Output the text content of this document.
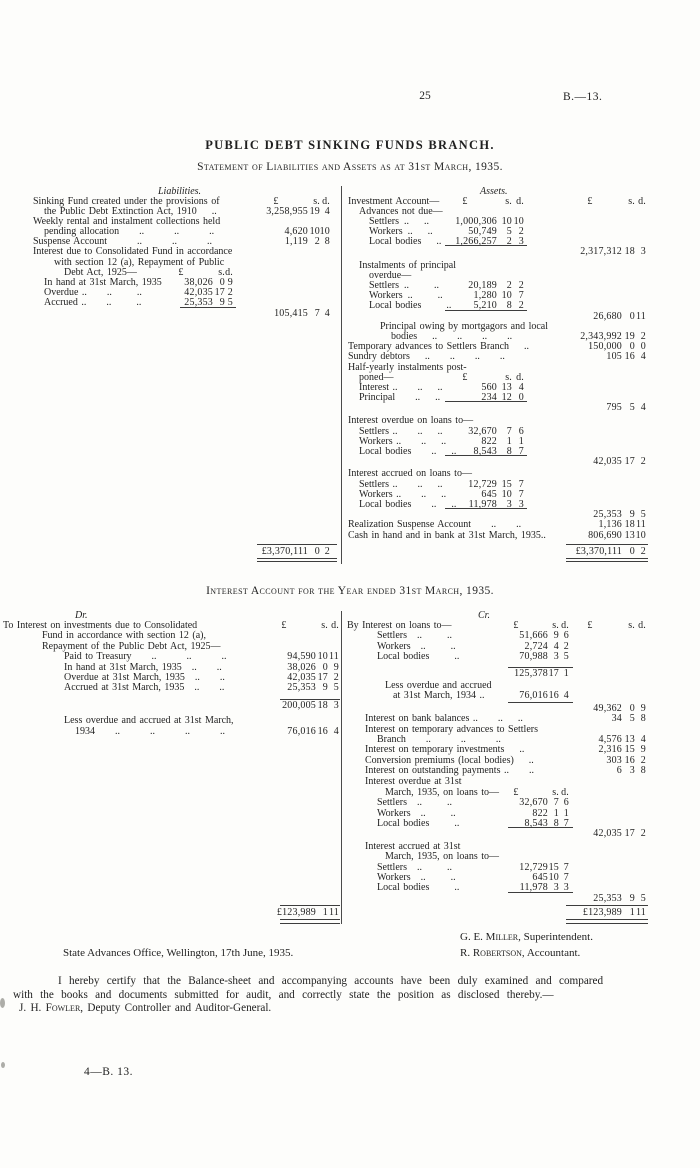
25	B.—13.
PUBLIC DEBT SINKING FUNDS BRANCH.
Statement of Liabilities and Assets as at 31st March, 1935.
Liabilities.
Sinking Fund created under the provisions of	£	s. d.
the Public Debt Extinction Act, 1910  ..	3,258,955 19 4
Weekly rental and instalment collections held
pending allocation  ..   ..   ..	4,620 10 10
Suspense Account   ..   ..   ..	1,119 2 8
Interest due to Consolidated Fund in accordance
with section 12 (a), Repayment of Public
Debt Act, 1925—	£	s. d.
In hand at 31st March, 1935	38,026 0 9
Overdue ..  ..   ..	42,035 17 2
Accrued ..  ..   ..	25,353 9 5
105,415 7 4
£3,370,111 0 2
Assets.
Investment Account—	£	s. d.	£	s. d.
Advances not due—
Settlers ..  ..	1,000,306 10 10
Workers ..  ..	50,749 5 2
Local bodies  ..	1,266,257 2 3
2,317,312 18 3
Instalments of principal
overdue—
Settlers ..   ..	20,189 2 2
Workers ..   ..	1,280 10 7
Local bodies   ..	5,210 8 2
26,680 0 11
Principal owing by mortgagors and local
bodies  ..  ..  ..  ..	2,343,992 19 2
Temporary advances to Settlers Branch  ..	150,000 0 0
Sundry debtors  ..  ..  ..  ..	105 16 4
Half-yearly instalments post-
poned—	£	s. d.
Interest ..  ..  ..	560 13 4
Principal  ..  ..	234 12 0
795 5 4
Interest overdue on loans to—
Settlers ..  ..  ..	32,670 7 6
Workers ..  ..  ..	822 1 1
Local bodies  ..  ..	8,543 8 7
42,035 17 2
Interest accrued on loans to—
Settlers ..  ..  ..	12,729 15 7
Workers ..  ..  ..	645 10 7
Local bodies  ..  ..	11,978 3 3
25,353 9 5
Realization Suspense Account  ..  ..	1,136 18 11
Cash in hand and in bank at 31st March, 1935..	806,690 13 10
£3,370,111 0 2
Interest Account for the Year ended 31st March, 1935.
Dr.
To Interest on investments due to Consolidated	£	s. d.
Fund in accordance with section 12 (a),
Repayment of the Public Debt Act, 1925—
Paid to Treasury  ..   ..   ..	94,590 10 11
In hand at 31st March, 1935 ..  ..	38,026 0 9
Overdue at 31st March, 1935 ..  ..	42,035 17 2
Accrued at 31st March, 1935 ..  ..	25,353 9 5
200,005 18 3
Less overdue and accrued at 31st March,
1934  ..   ..   ..   ..	76,016 16 4
£123,989 1 11
Cr.
By Interest on loans to—	£	s. d.	£	s. d.
Settlers ..   ..	51,666 9 6
Workers ..   ..	2,724 4 2
Local bodies   ..	70,988 3 5
125,378 17 1
Less overdue and accrued
at 31st March, 1934 ..	76,016 16 4
49,362 0 9
Interest on bank balances ..  ..  ..	34 5 8
Interest on temporary advances to Settlers
Branch  ..   ..   ..	4,576 13 4
Interest on temporary investments  ..	2,316 15 9
Conversion premiums (local bodies)  ..	303 16 2
Interest on outstanding payments ..  ..	6 3 8
Interest overdue at 31st
March, 1935, on loans to—	£	s. d.
Settlers ..   ..	32,670 7 6
Workers ..   ..	822 1 1
Local bodies   ..	8,543 8 7
42,035 17 2
Interest accrued at 31st
March, 1935, on loans to—
Settlers ..   ..	12,729 15 7
Workers ..   ..	645 10 7
Local bodies   ..	11,978 3 3
25,353 9 5
£123,989 1 11
G. E. Miller, Superintendent.
State Advances Office, Wellington, 17th June, 1935.	R. Robertson, Accountant.
I hereby certify that the Balance-sheet and accompanying accounts have been duly examined and compared
with the books and documents submitted for audit, and correctly state the position as disclosed thereby.—
J. H. Fowler, Deputy Controller and Auditor-General.
4—B. 13.
